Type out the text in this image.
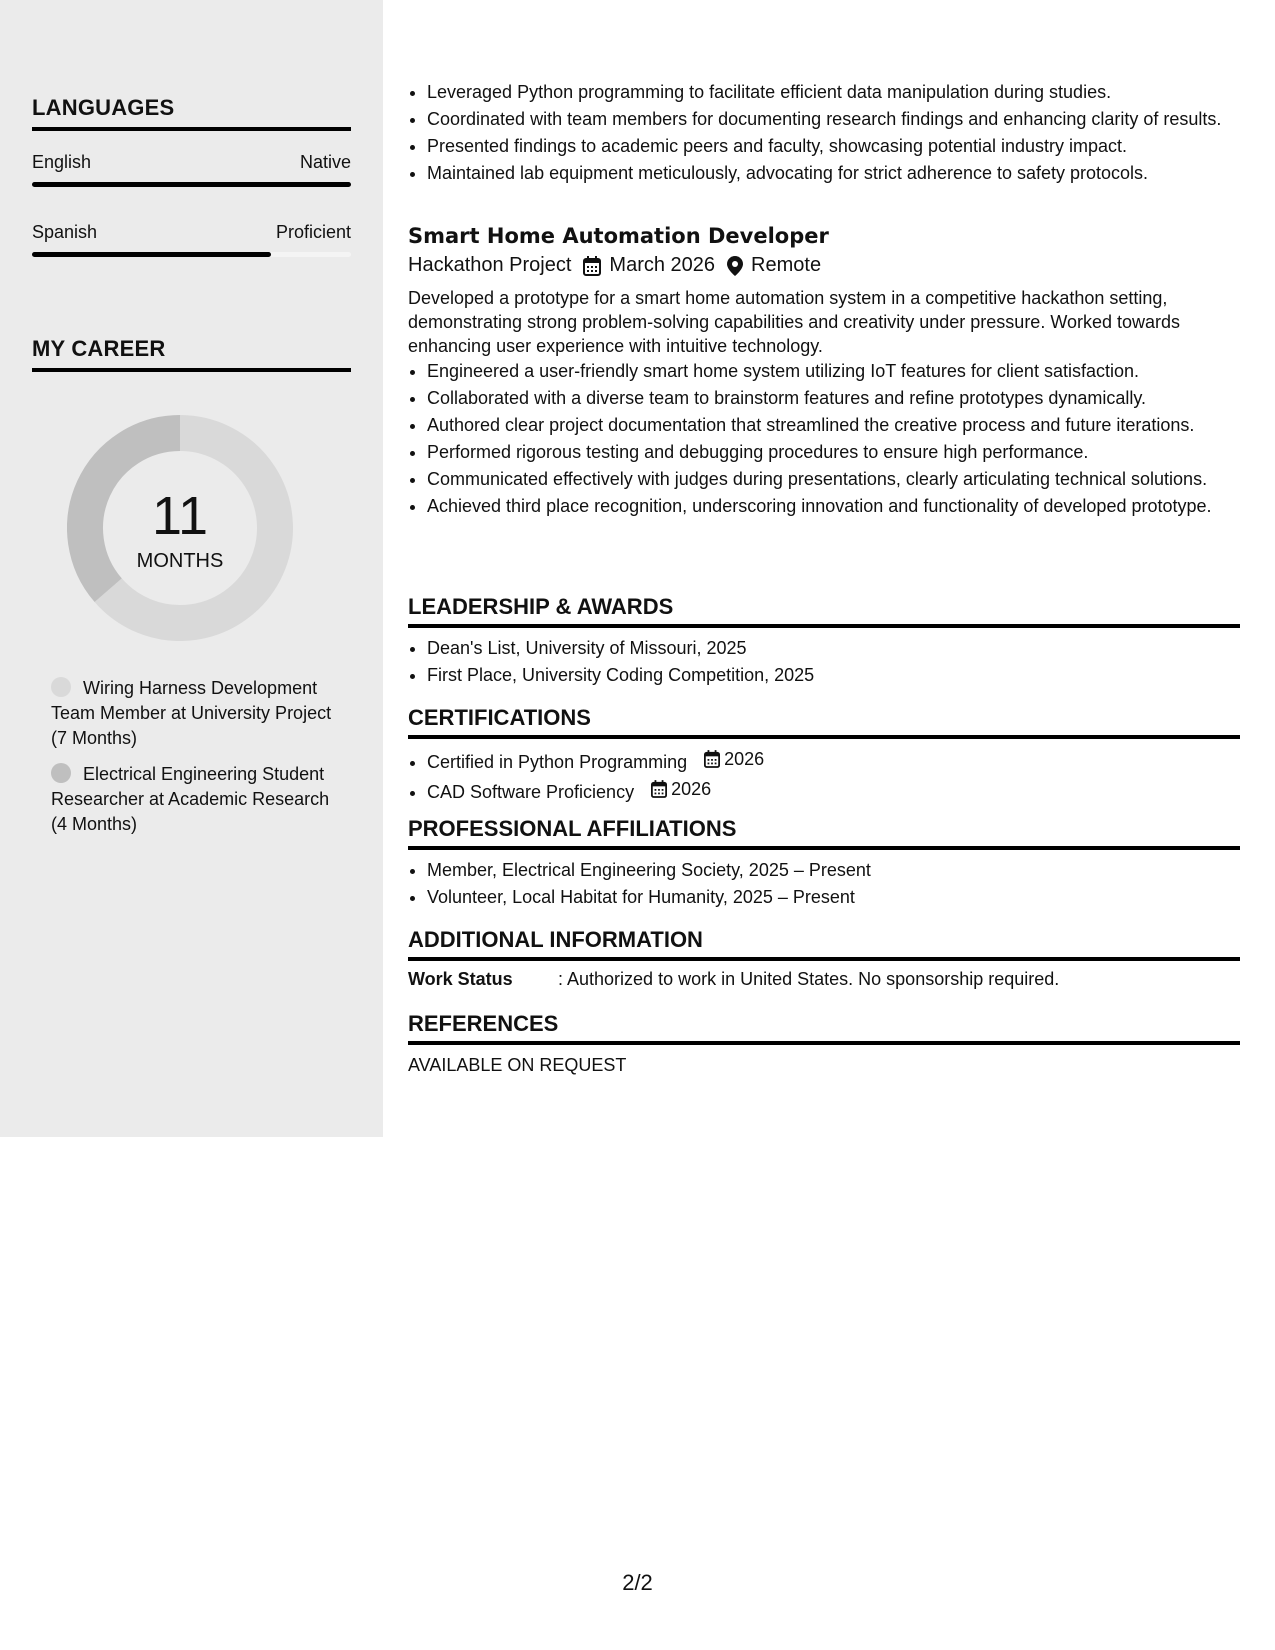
LANGUAGES
English	Native
Spanish	Proficient
MY CAREER
11
MONTHS
Wiring Harness Development Team Member at University Project (7 Months)
Electrical Engineering Student Researcher at Academic Research (4 Months)
• Leveraged Python programming to facilitate efficient data manipulation during studies.
• Coordinated with team members for documenting research findings and enhancing clarity of results.
• Presented findings to academic peers and faculty, showcasing potential industry impact.
• Maintained lab equipment meticulously, advocating for strict adherence to safety protocols.
Smart Home Automation Developer
Hackathon Project March 2026 Remote
Developed a prototype for a smart home automation system in a competitive hackathon setting, demonstrating strong problem-solving capabilities and creativity under pressure. Worked towards enhancing user experience with intuitive technology.
• Engineered a user-friendly smart home system utilizing IoT features for client satisfaction.
• Collaborated with a diverse team to brainstorm features and refine prototypes dynamically.
• Authored clear project documentation that streamlined the creative process and future iterations.
• Performed rigorous testing and debugging procedures to ensure high performance.
• Communicated effectively with judges during presentations, clearly articulating technical solutions.
• Achieved third place recognition, underscoring innovation and functionality of developed prototype.
LEADERSHIP & AWARDS
• Dean's List, University of Missouri, 2025
• First Place, University Coding Competition, 2025
CERTIFICATIONS
• Certified in Python Programming 2026
• CAD Software Proficiency 2026
PROFESSIONAL AFFILIATIONS
• Member, Electrical Engineering Society, 2025 – Present
• Volunteer, Local Habitat for Humanity, 2025 – Present
ADDITIONAL INFORMATION
Work Status	: Authorized to work in United States. No sponsorship required.
REFERENCES
AVAILABLE ON REQUEST
2/2
